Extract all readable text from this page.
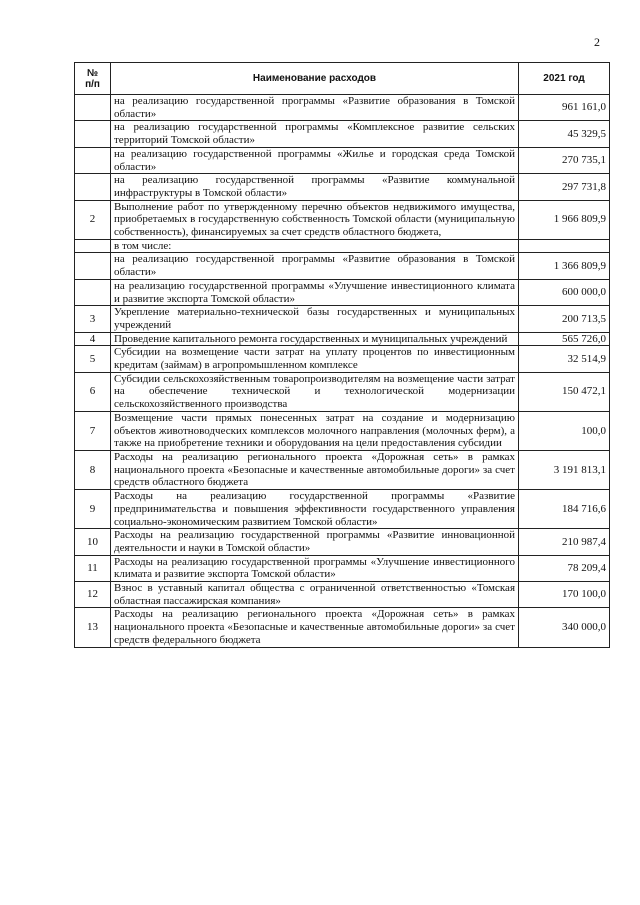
2
№
п/п	Наименование расходов	2021 год
	на реализацию государственной программы «Развитие образования в Томской области»	961 161,0
	на реализацию государственной программы «Комплексное развитие сельских территорий Томской области»	45 329,5
	на реализацию государственной программы «Жилье и городская среда Томской области»	270 735,1
	на реализацию государственной программы «Развитие коммунальной инфраструктуры в Томской области»	297 731,8
2	Выполнение работ по утвержденному перечню объектов недвижимого имущества, приобретаемых в государственную собственность Томской области (муниципальную собственность), финансируемых за счет средств областного бюджета,	1 966 809,9
	в том числе:	
	на реализацию государственной программы «Развитие образования в Томской области»	1 366 809,9
	на реализацию государственной программы «Улучшение инвестиционного климата и развитие экспорта Томской области»	600 000,0
3	Укрепление материально-технической базы государственных и муниципальных учреждений	200 713,5
4	Проведение капитального ремонта государственных и муниципальных учреждений	565 726,0
5	Субсидии на возмещение части затрат на уплату процентов по инвестиционным кредитам (займам) в агропромышленном комплексе	32 514,9
6	Субсидии сельскохозяйственным товаропроизводителям на возмещение части затрат на обеспечение технической и технологической модернизации сельскохозяйственного производства	150 472,1
7	Возмещение части прямых понесенных затрат на создание и модернизацию объектов животноводческих комплексов молочного направления (молочных ферм), а также на приобретение техники и оборудования на цели предоставления субсидии	100,0
8	Расходы на реализацию регионального проекта «Дорожная сеть» в рамках национального проекта «Безопасные и качественные автомобильные дороги» за счет средств областного бюджета	3 191 813,1
9	Расходы на реализацию государственной программы «Развитие предпринимательства и повышения эффективности государственного управления социально-экономическим развитием Томской области»	184 716,6
10	Расходы на реализацию государственной программы «Развитие инновационной деятельности и науки в Томской области»	210 987,4
11	Расходы на реализацию государственной программы «Улучшение инвестиционного климата и развитие экспорта Томской области»	78 209,4
12	Взнос в уставный капитал общества с ограниченной ответственностью «Томская областная пассажирская компания»	170 100,0
13	Расходы на реализацию регионального проекта «Дорожная сеть» в рамках национального проекта «Безопасные и качественные автомобильные дороги» за счет средств федерального бюджета	340 000,0
